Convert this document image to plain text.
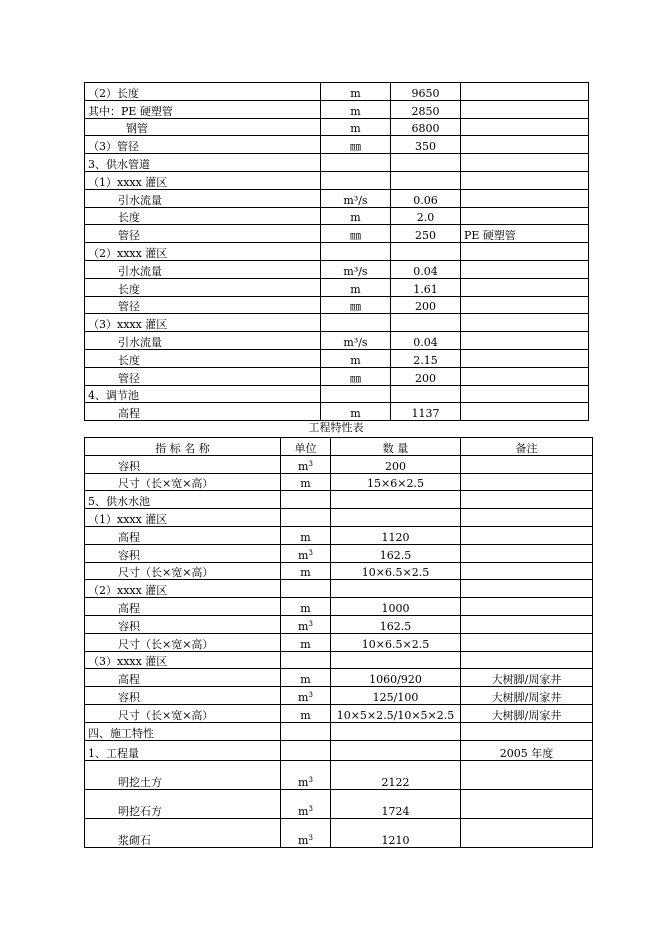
（2）长度	m	9650	
其中：PE 硬塑管	m	2850	
钢管	m	6800	
（3）管径	㎜	350	
3、供水管道			
（1）xxxx 灌区			
引水流量	m³/s	0.06	
长度	m	2.0	
管径	㎜	250	PE 硬塑管
（2）xxxx 灌区			
引水流量	m³/s	0.04	
长度	m	1.61	
管径	㎜	200	
（3）xxxx 灌区			
引水流量	m³/s	0.04	
长度	m	2.15	
管径	㎜	200	
4、调节池			
高程	m	1137	
工程特性表
指 标 名 称	单位	数 量	备注
容积	$m^3$	200	
尺寸（长×宽×高）	m	15×6×2.5	
5、供水水池			
（1）xxxx 灌区			
高程	m	1120	
容积	$m^3$	162.5	
尺寸（长×宽×高）	m	10×6.5×2.5	
（2）xxxx 灌区			
高程	m	1000	
容积	$m^3$	162.5	
尺寸（长×宽×高）	m	10×6.5×2.5	
（3）xxxx 灌区			
高程	m	1060/920	大树脚/周家井
容积	$m^3$	125/100	大树脚/周家井
尺寸（长×宽×高）	m	10×5×2.5/10×5×2.5	大树脚/周家井
四、施工特性			
1、工程量			2005 年度
明挖土方	$m^3$	2122	
明挖石方	$m^3$	1724	
浆砌石	$m^3$	1210	
